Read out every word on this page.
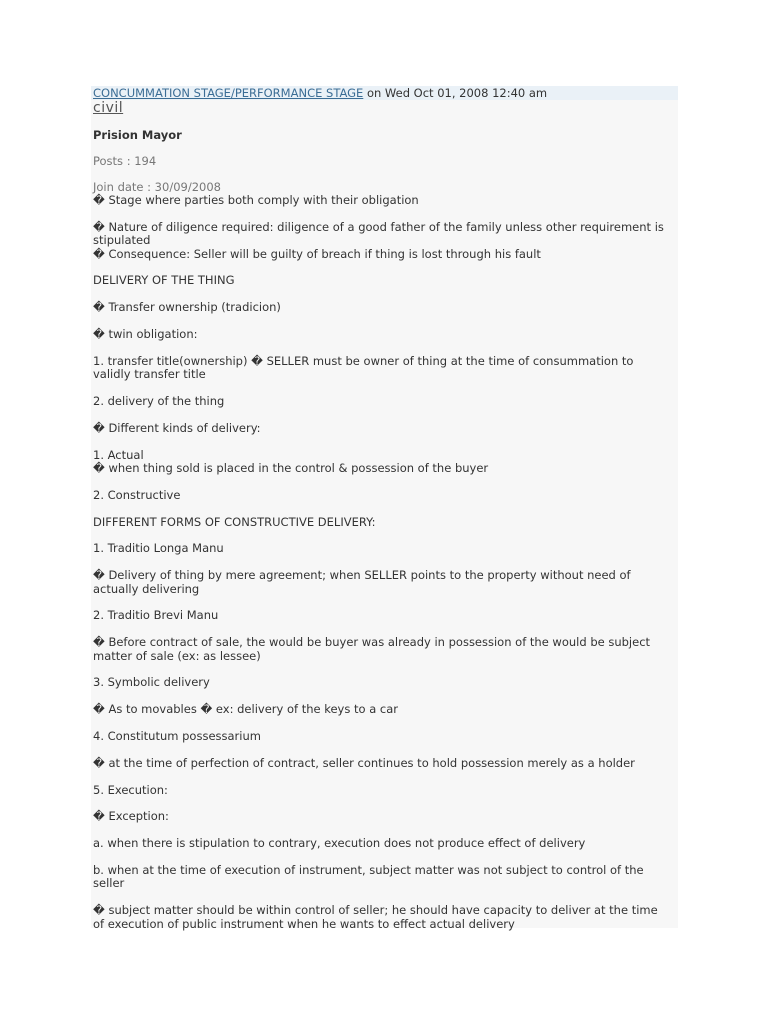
CONCUMMATION STAGE/PERFORMANCE STAGE on Wed Oct 01, 2008 12:40 am
civil
Prision Mayor
Posts : 194
Join date : 30/09/2008
� Stage where parties both comply with their obligation
� Nature of diligence required: diligence of a good father of the family unless other requirement is
stipulated
� Consequence: Seller will be guilty of breach if thing is lost through his fault
DELIVERY OF THE THING
� Transfer ownership (tradicion)
� twin obligation:
1. transfer title(ownership) � SELLER must be owner of thing at the time of consummation to
validly transfer title
2. delivery of the thing
� Different kinds of delivery:
1. Actual
� when thing sold is placed in the control & possession of the buyer
2. Constructive
DIFFERENT FORMS OF CONSTRUCTIVE DELIVERY:
1. Traditio Longa Manu
� Delivery of thing by mere agreement; when SELLER points to the property without need of
actually delivering
2. Traditio Brevi Manu
� Before contract of sale, the would be buyer was already in possession of the would be subject
matter of sale (ex: as lessee)
3. Symbolic delivery
� As to movables � ex: delivery of the keys to a car
4. Constitutum possessarium
� at the time of perfection of contract, seller continues to hold possession merely as a holder
5. Execution:
� Exception:
a. when there is stipulation to contrary, execution does not produce effect of delivery
b. when at the time of execution of instrument, subject matter was not subject to control of the
seller
� subject matter should be within control of seller; he should have capacity to deliver at the time
of execution of public instrument when he wants to effect actual delivery
